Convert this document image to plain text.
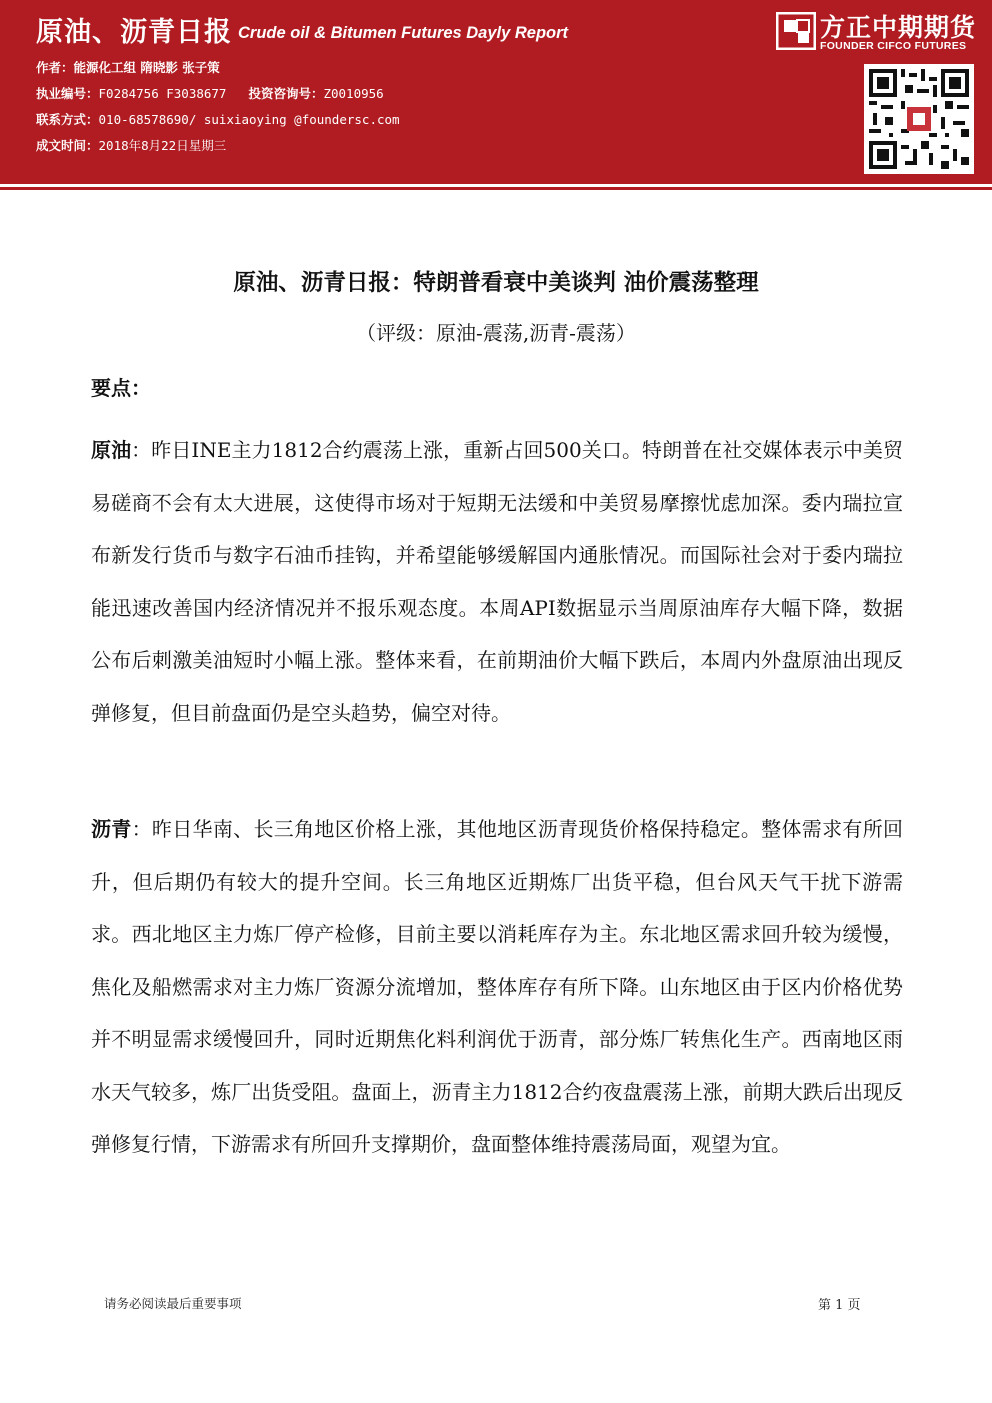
原油、沥青日报 Crude oil & Bitumen Futures Dayly Report
作者：能源化工组 隋晓影 张子策
执业编号：F0284756 F3038677 投资咨询号：Z0010956
联系方式：010-68578690/ suixiaoying @foundersc.com
成文时间：2018年8月22日星期三
方正中期期货
FOUNDER CIFCO FUTURES
原油、沥青日报：特朗普看衰中美谈判 油价震荡整理
（评级：原油-震荡,沥青-震荡）
要点：

原油：昨日INE主力1812合约震荡上涨，重新占回500关口。特朗普在社交媒体表示中美贸易磋商不会有太大进展，这使得市场对于短期无法缓和中美贸易摩擦忧虑加深。委内瑞拉宣布新发行货币与数字石油币挂钩，并希望能够缓解国内通胀情况。而国际社会对于委内瑞拉能迅速改善国内经济情况并不报乐观态度。本周API数据显示当周原油库存大幅下降，数据公布后刺激美油短时小幅上涨。整体来看，在前期油价大幅下跌后，本周内外盘原油出现反弹修复，但目前盘面仍是空头趋势，偏空对待。

沥青：昨日华南、长三角地区价格上涨，其他地区沥青现货价格保持稳定。整体需求有所回升，但后期仍有较大的提升空间。长三角地区近期炼厂出货平稳，但台风天气干扰下游需求。西北地区主力炼厂停产检修，目前主要以消耗库存为主。东北地区需求回升较为缓慢，焦化及船燃需求对主力炼厂资源分流增加，整体库存有所下降。山东地区由于区内价格优势并不明显需求缓慢回升，同时近期焦化料利润优于沥青，部分炼厂转焦化生产。西南地区雨水天气较多，炼厂出货受阻。盘面上，沥青主力1812合约夜盘震荡上涨，前期大跌后出现反弹修复行情，下游需求有所回升支撑期价，盘面整体维持震荡局面，观望为宜。

请务必阅读最后重要事项	第 1 页
